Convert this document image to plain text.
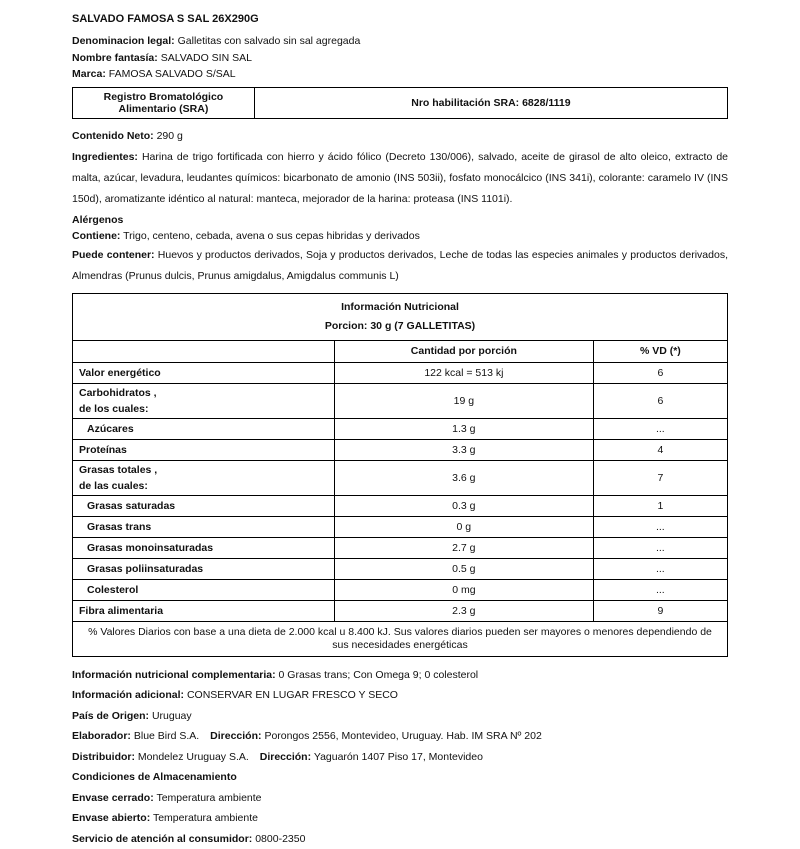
SALVADO FAMOSA S SAL 26X290G
Denominacion legal: Galletitas con salvado sin sal agregada
Nombre fantasía: SALVADO SIN SAL
Marca: FAMOSA SALVADO S/SAL
Registro Bromatológico Alimentario (SRA)	Nro habilitación SRA: 6828/1119
Contenido Neto: 290 g
Ingredientes: Harina de trigo fortificada con hierro y ácido fólico (Decreto 130/006), salvado, aceite de girasol de alto oleico, extracto de malta, azúcar, levadura, leudantes químicos: bicarbonato de amonio (INS 503ii), fosfato monocálcico (INS 341i), colorante: caramelo IV (INS 150d), aromatizante idéntico al natural: manteca, mejorador de la harina: proteasa (INS 1101i).
Alérgenos
Contiene: Trigo, centeno, cebada, avena o sus cepas hibridas y derivados
Puede contener: Huevos y productos derivados, Soja y productos derivados, Leche de todas las especies animales y productos derivados, Almendras (Prunus dulcis, Prunus amigdalus, Amigdalus communis L)
Información Nutricional
Porcion: 30 g (7 GALLETITAS)		

	Cantidad por porción	% VD (*)

Valor energético	122 kcal = 513 kj	6

Carbohidratos ,
de los cuales:	19 g	6

Azúcares	1.3 g	...

Proteínas	3.3 g	4

Grasas totales ,
de las cuales:	3.6 g	7

Grasas saturadas	0.3 g	1

Grasas trans	0 g	...

Grasas monoinsaturadas	2.7 g	...

Grasas poliinsaturadas	0.5 g	...

Colesterol	0 mg	...

Fibra alimentaria	2.3 g	9
% Valores Diarios con base a una dieta de 2.000 kcal u 8.400 kJ. Sus valores diarios pueden ser mayores o menores dependiendo de sus necesidades energéticas		
Información nutricional complementaria: 0 Grasas trans; Con Omega 9; 0 colesterol
Información adicional: CONSERVAR EN LUGAR FRESCO Y SECO
País de Origen: Uruguay
Elaborador: Blue Bird S.A. Dirección: Porongos 2556, Montevideo, Uruguay. Hab. IM SRA Nº 202
Distribuidor: Mondelez Uruguay S.A. Dirección: Yaguarón 1407 Piso 17, Montevideo
Condiciones de Almacenamiento
Envase cerrado: Temperatura ambiente
Envase abierto: Temperatura ambiente
Servicio de atención al consumidor: 0800-2350
